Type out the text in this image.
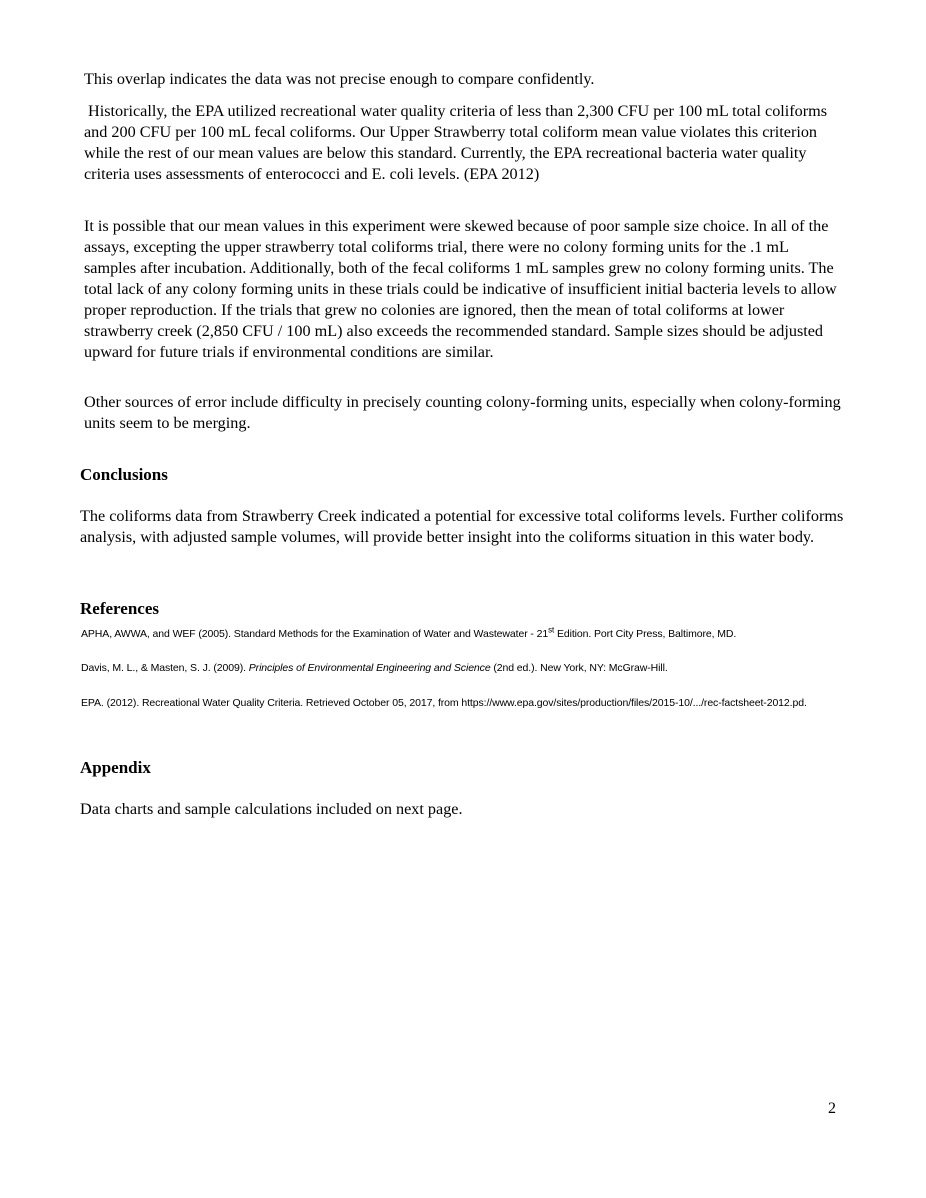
This overlap indicates the data was not precise enough to compare confidently.

Historically, the EPA utilized recreational water quality criteria of less than 2,300 CFU per 100 mL total coliforms and 200 CFU per 100 mL fecal coliforms. Our Upper Strawberry total coliform mean value violates this criterion while the rest of our mean values are below this standard. Currently, the EPA recreational bacteria water quality criteria uses assessments of enterococci and E. coli levels. (EPA 2012)

It is possible that our mean values in this experiment were skewed because of poor sample size choice. In all of the assays, excepting the upper strawberry total coliforms trial, there were no colony forming units for the .1 mL samples after incubation. Additionally, both of the fecal coliforms 1 mL samples grew no colony forming units. The total lack of any colony forming units in these trials could be indicative of insufficient initial bacteria levels to allow proper reproduction. If the trials that grew no colonies are ignored, then the mean of total coliforms at lower strawberry creek (2,850 CFU / 100 mL) also exceeds the recommended standard. Sample sizes should be adjusted upward for future trials if environmental conditions are similar.

Other sources of error include difficulty in precisely counting colony-forming units, especially when colony-forming units seem to be merging.

Conclusions

The coliforms data from Strawberry Creek indicated a potential for excessive total coliforms levels. Further coliforms analysis, with adjusted sample volumes, will provide better insight into the coliforms situation in this water body.

References

APHA, AWWA, and WEF (2005). Standard Methods for the Examination of Water and Wastewater - 21st Edition. Port City Press, Baltimore, MD.

Davis, M. L., & Masten, S. J. (2009). Principles of Environmental Engineering and Science (2nd ed.). New York, NY: McGraw-Hill.

EPA. (2012). Recreational Water Quality Criteria. Retrieved October 05, 2017, from https://www.epa.gov/sites/production/files/2015-10/.../rec-factsheet-2012.pd.

Appendix

Data charts and sample calculations included on next page.

2
